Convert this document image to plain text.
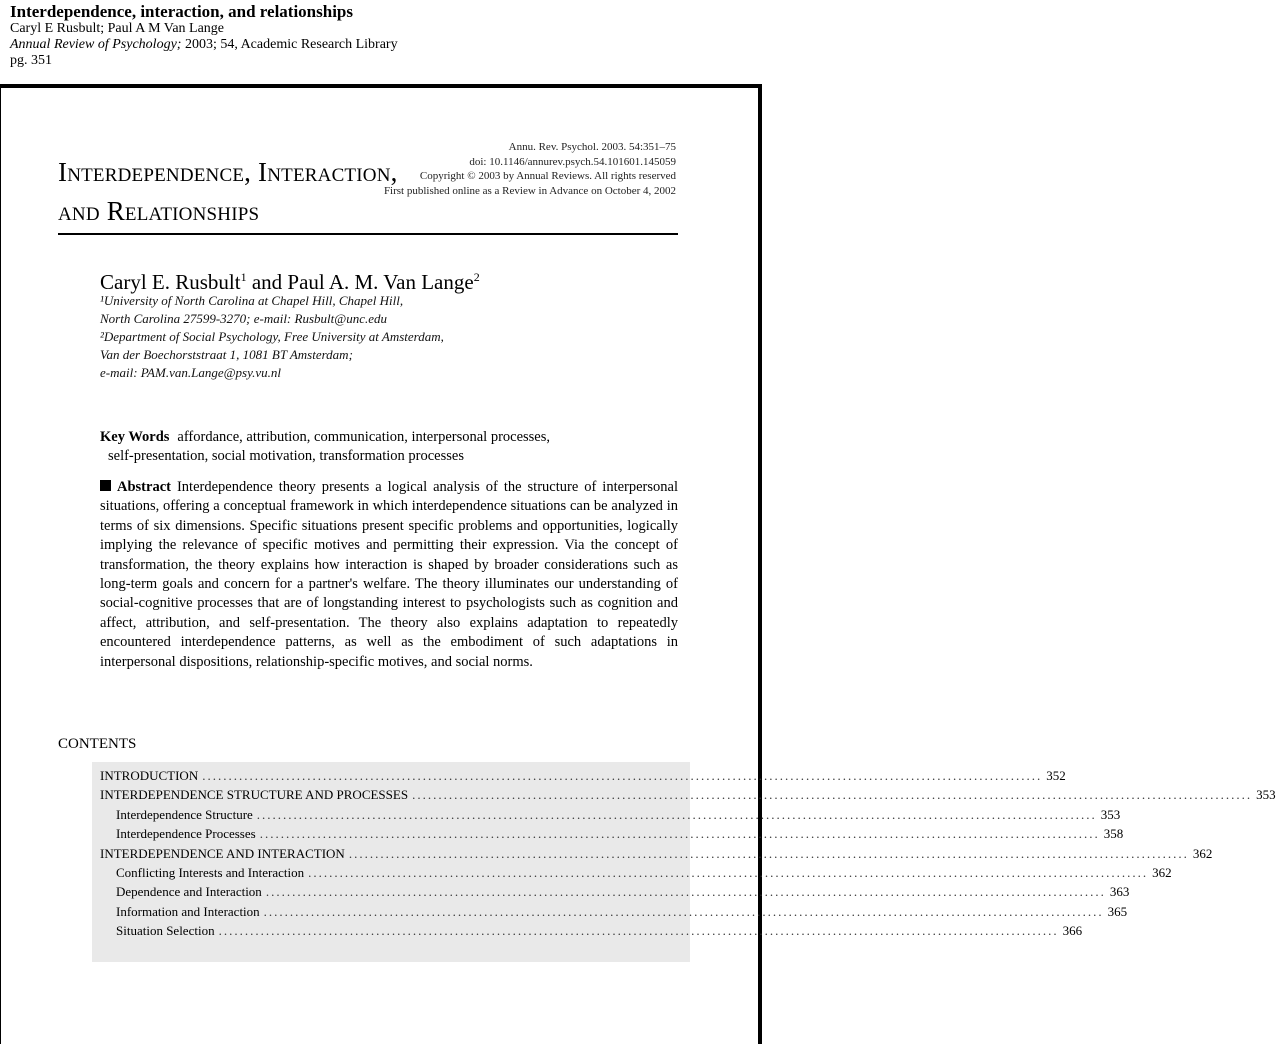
Interdependence, interaction, and relationships
Caryl E Rusbult; Paul A M Van Lange
Annual Review of Psychology; 2003; 54, Academic Research Library
pg. 351
Annu. Rev. Psychol. 2003. 54:351–75
doi: 10.1146/annurev.psych.54.101601.145059
Copyright © 2003 by Annual Reviews. All rights reserved
First published online as a Review in Advance on October 4, 2002
Interdependence, Interaction,
and Relationships
Caryl E. Rusbult$^1$ and Paul A. M. Van Lange$^2$
¹University of North Carolina at Chapel Hill, Chapel Hill,
North Carolina 27599-3270; e-mail: Rusbult@unc.edu
²Department of Social Psychology, Free University at Amsterdam,
Van der Boechorststraat 1, 1081 BT Amsterdam;
e-mail: PAM.van.Lange@psy.vu.nl
Key Words affordance, attribution, communication, interpersonal processes,
self-presentation, social motivation, transformation processes

Abstract Interdependence theory presents a logical analysis of the structure of interpersonal situations, offering a conceptual framework in which interdependence situations can be analyzed in terms of six dimensions. Specific situations present specific problems and opportunities, logically implying the relevance of specific motives and permitting their expression. Via the concept of transformation, the theory explains how interaction is shaped by broader considerations such as long-term goals and concern for a partner's welfare. The theory illuminates our understanding of social-cognitive processes that are of longstanding interest to psychologists such as cognition and affect, attribution, and self-presentation. The theory also explains adaptation to repeatedly encountered interdependence patterns, as well as the embodiment of such adaptations in interpersonal dispositions, relationship-specific motives, and social norms.

CONTENTS
INTRODUCTION ................................................................................................................................................................ 352
INTERDEPENDENCE STRUCTURE AND PROCESSES ................................................................................................................................................................ 353
Interdependence Structure ................................................................................................................................................................ 353
Interdependence Processes ................................................................................................................................................................ 358
INTERDEPENDENCE AND INTERACTION ................................................................................................................................................................ 362
Conflicting Interests and Interaction ................................................................................................................................................................ 362
Dependence and Interaction ................................................................................................................................................................ 363
Information and Interaction ................................................................................................................................................................ 365
Situation Selection ................................................................................................................................................................ 366
